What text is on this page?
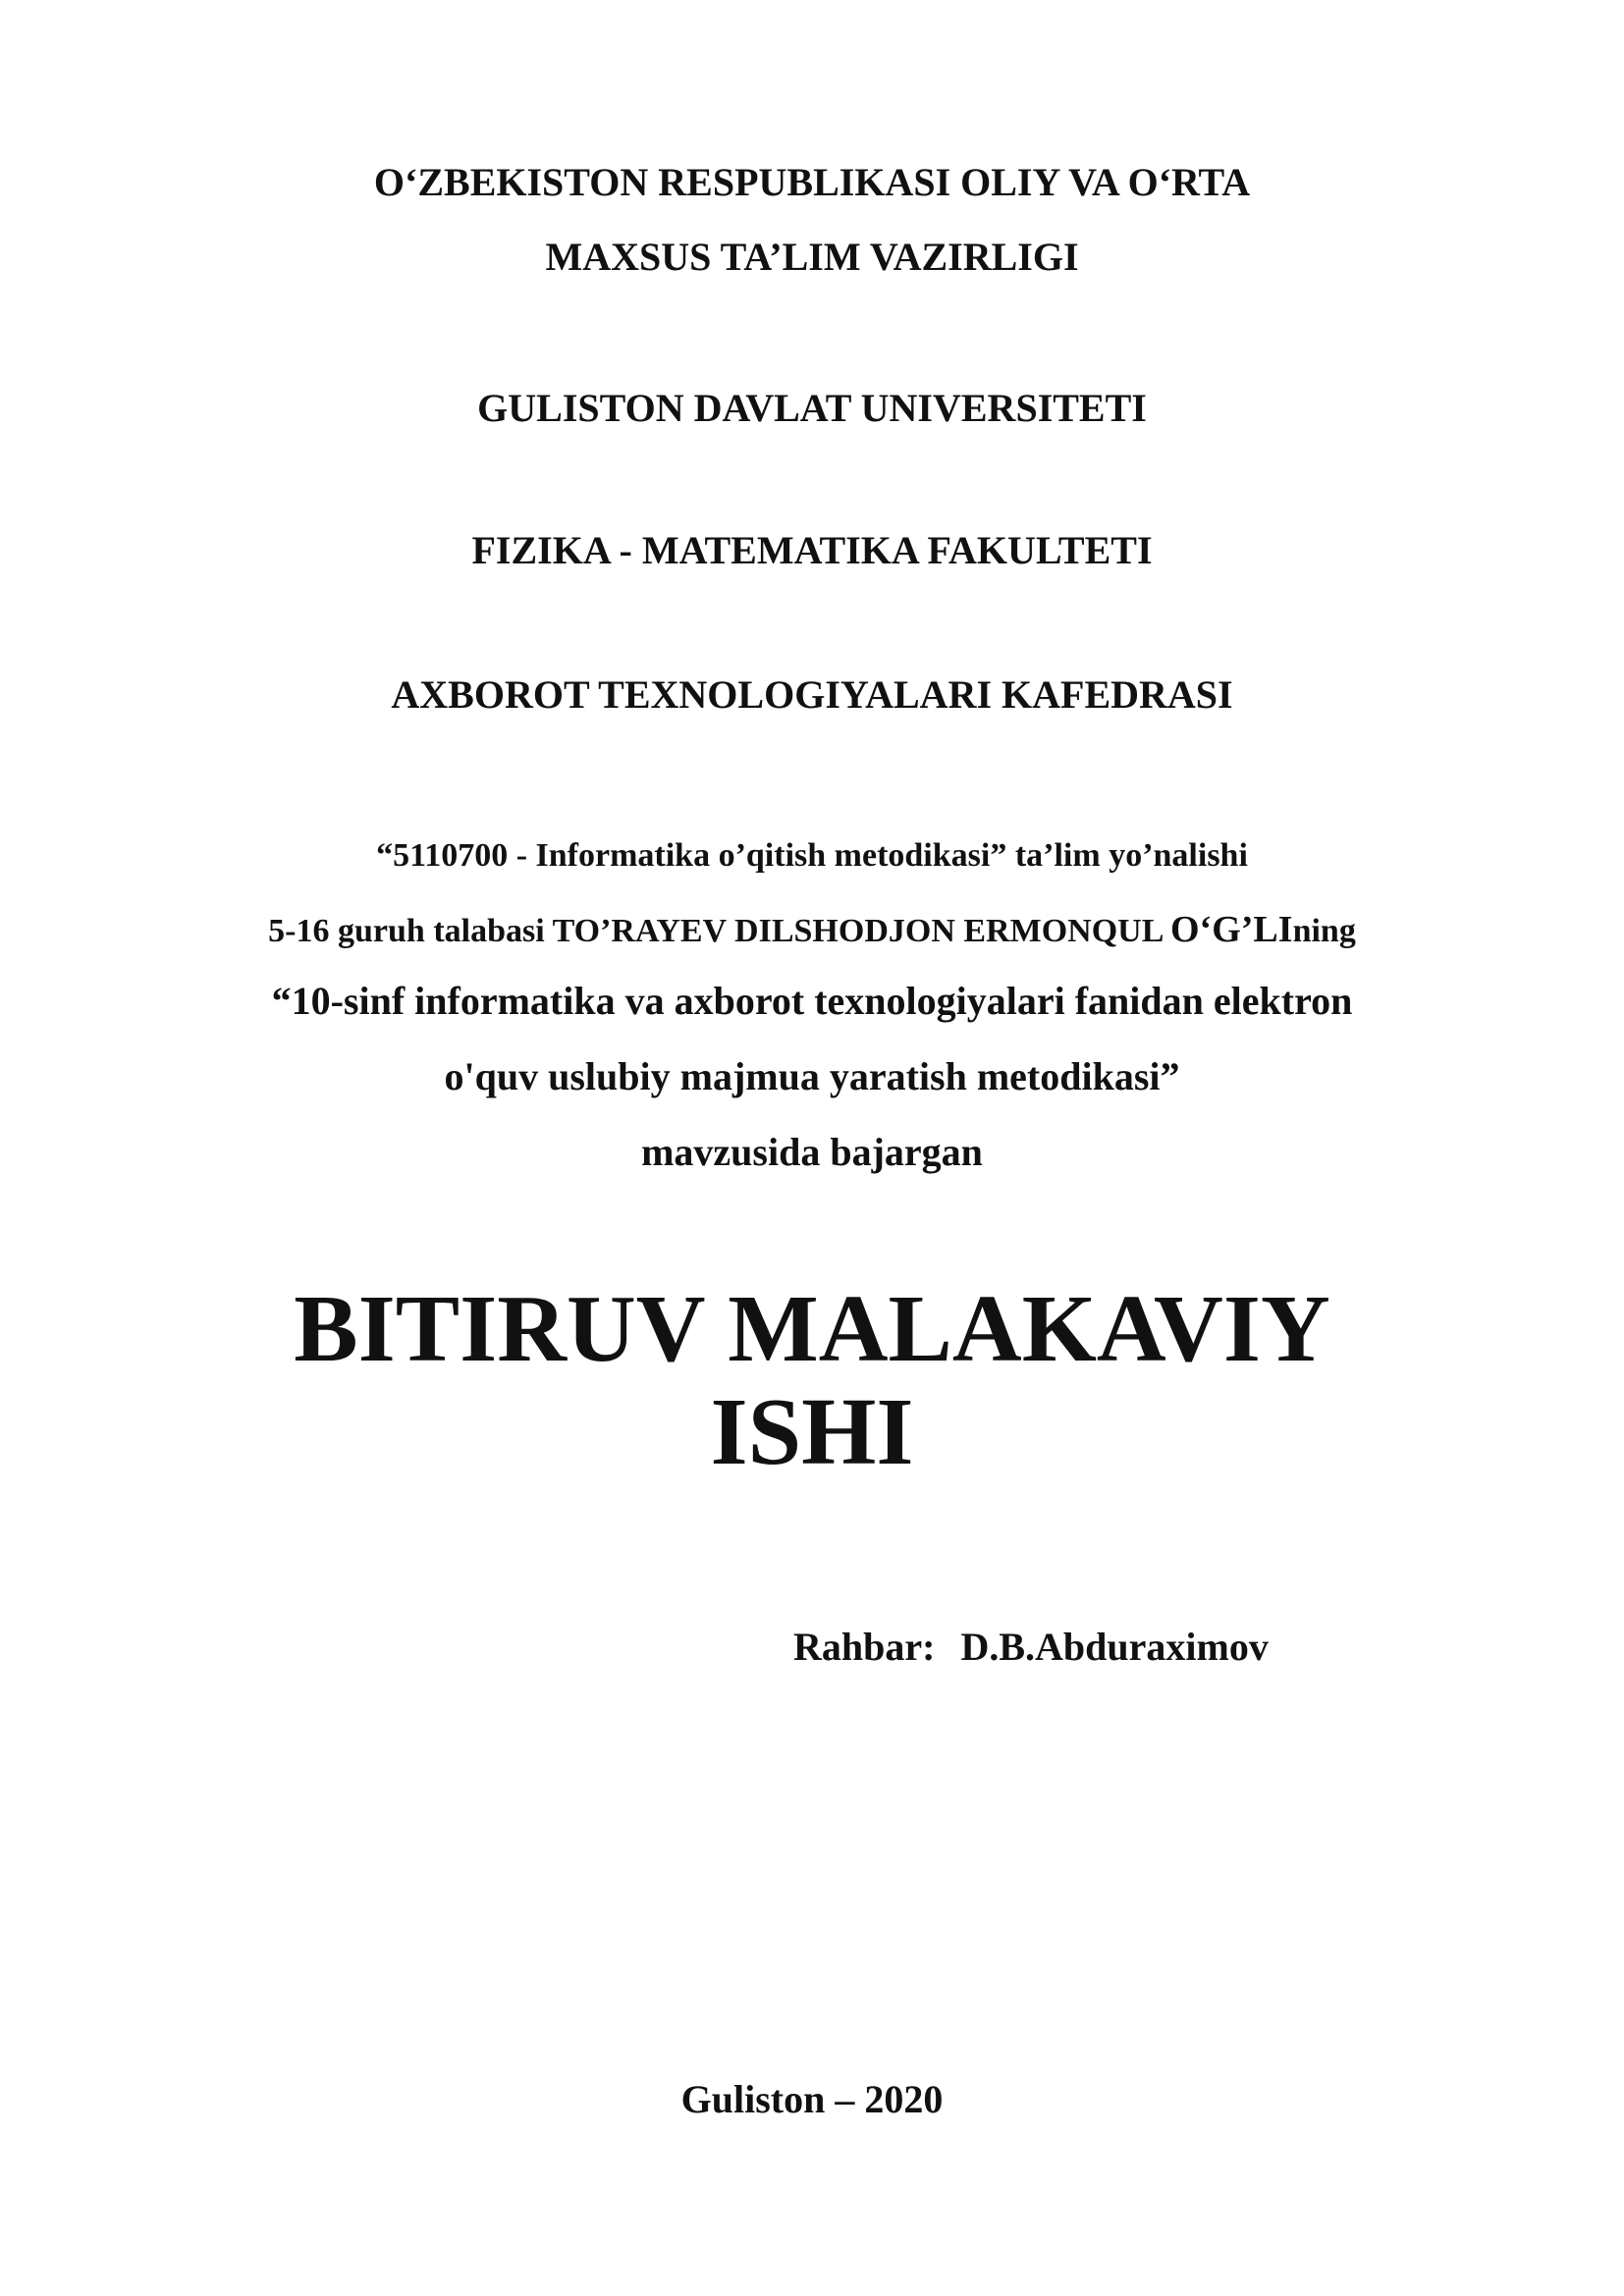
O‘ZBEKISTON RESPUBLIKASI OLIY VA O‘RTA
MAXSUS TA’LIM VAZIRLIGI
GULISTON DAVLAT UNIVERSITETI
FIZIKA - MATEMATIKA FAKULTETI
AXBOROT TEXNOLOGIYALARI KAFEDRASI
“5110700 - Informatika o’qitish metodikasi” ta’lim yo’nalishi
5-16 guruh talabasi TO’RAYEV DILSHODJON ERMONQUL O‘G’LIning
“10-sinf informatika va axborot texnologiyalari fanidan elektron
o'quv uslubiy majmua yaratish metodikasi”
mavzusida bajargan
BITIRUV MALAKAVIY
ISHI
Rahbar: D.B.Abduraximov
Guliston – 2020
